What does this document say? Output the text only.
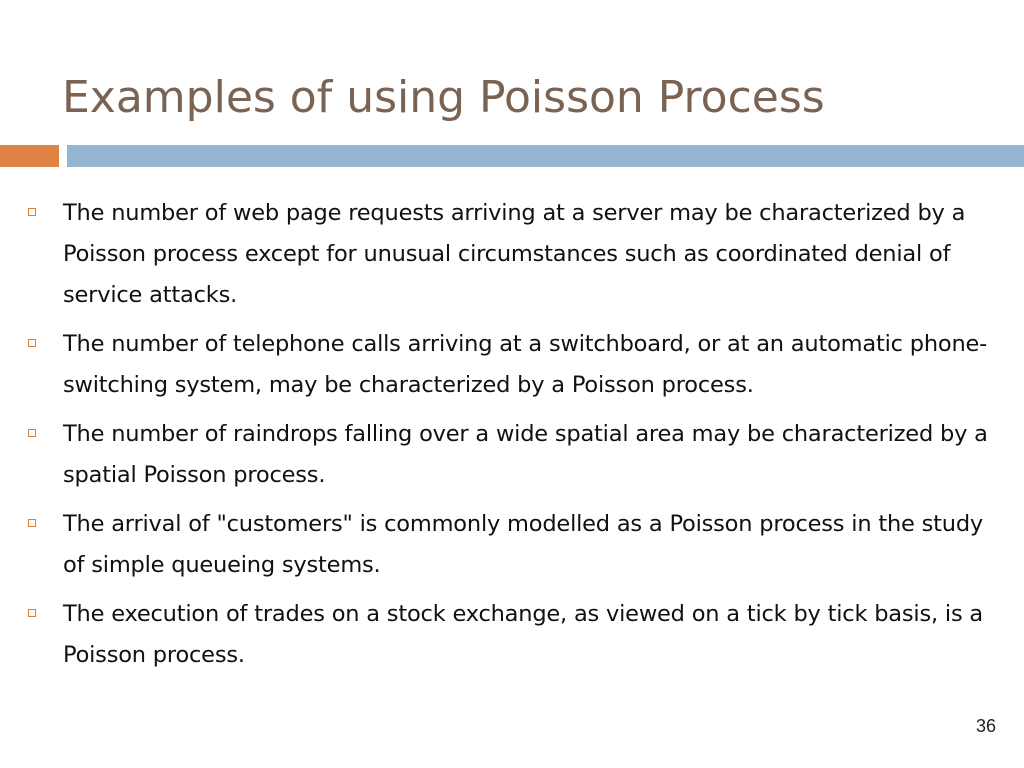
Examples of using Poisson Process
The number of web page requests arriving at a server may be characterized by a Poisson process except for unusual circumstances such as coordinated denial of service attacks.
The number of telephone calls arriving at a switchboard, or at an automatic phone-switching system, may be characterized by a Poisson process.
The number of raindrops falling over a wide spatial area may be characterized by a spatial Poisson process.
The arrival of "customers" is commonly modelled as a Poisson process in the study of simple queueing systems.
The execution of trades on a stock exchange, as viewed on a tick by tick basis, is a Poisson process.
36
